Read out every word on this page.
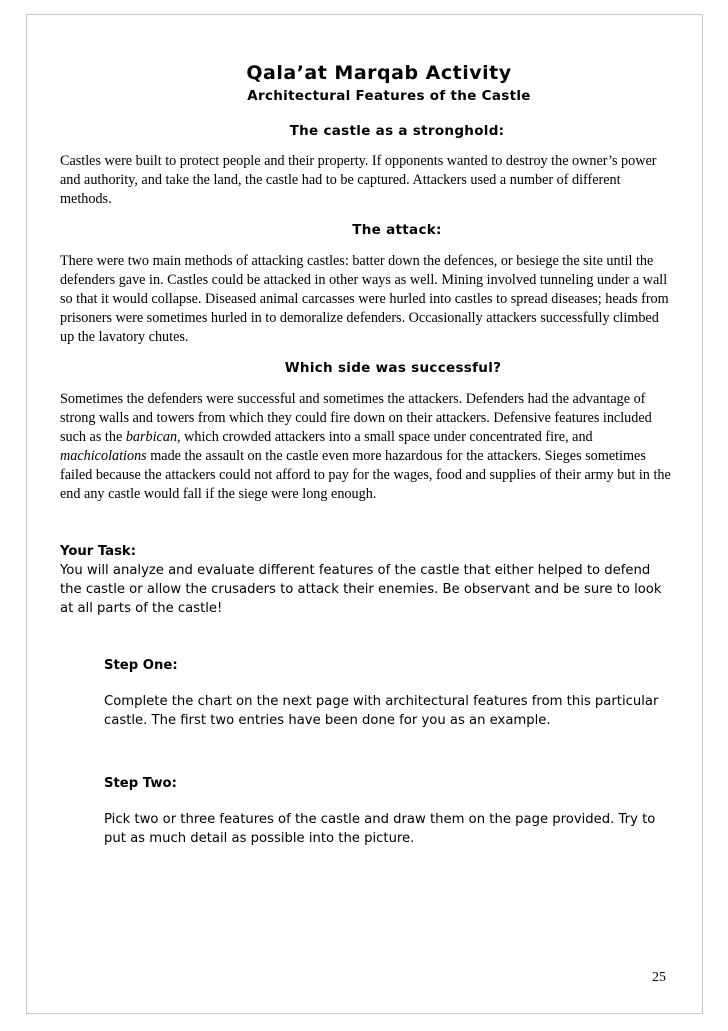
Qala’at Marqab Activity
Architectural Features of the Castle
The castle as a stronghold:

Castles were built to protect people and their property. If opponents wanted to destroy the owner’s power and authority, and take the land, the castle had to be captured. Attackers used a number of different methods.

The attack:

There were two main methods of attacking castles: batter down the defences, or besiege the site until the defenders gave in. Castles could be attacked in other ways as well. Mining involved tunneling under a wall so that it would collapse. Diseased animal carcasses were hurled into castles to spread diseases; heads from prisoners were sometimes hurled in to demoralize defenders. Occasionally attackers successfully climbed up the lavatory chutes.

Which side was successful?

Sometimes the defenders were successful and sometimes the attackers. Defenders had the advantage of strong walls and towers from which they could fire down on their attackers. Defensive features included such as the barbican, which crowded attackers into a small space under concentrated fire, and machicolations made the assault on the castle even more hazardous for the attackers. Sieges sometimes failed because the attackers could not afford to pay for the wages, food and supplies of their army but in the end any castle would fall if the siege were long enough.

Your Task:

You will analyze and evaluate different features of the castle that either helped to defend the castle or allow the crusaders to attack their enemies. Be observant and be sure to look at all parts of the castle!

Step One:

Complete the chart on the next page with architectural features from this particular castle. The first two entries have been done for you as an example.

Step Two:

Pick two or three features of the castle and draw them on the page provided. Try to put as much detail as possible into the picture.

25
